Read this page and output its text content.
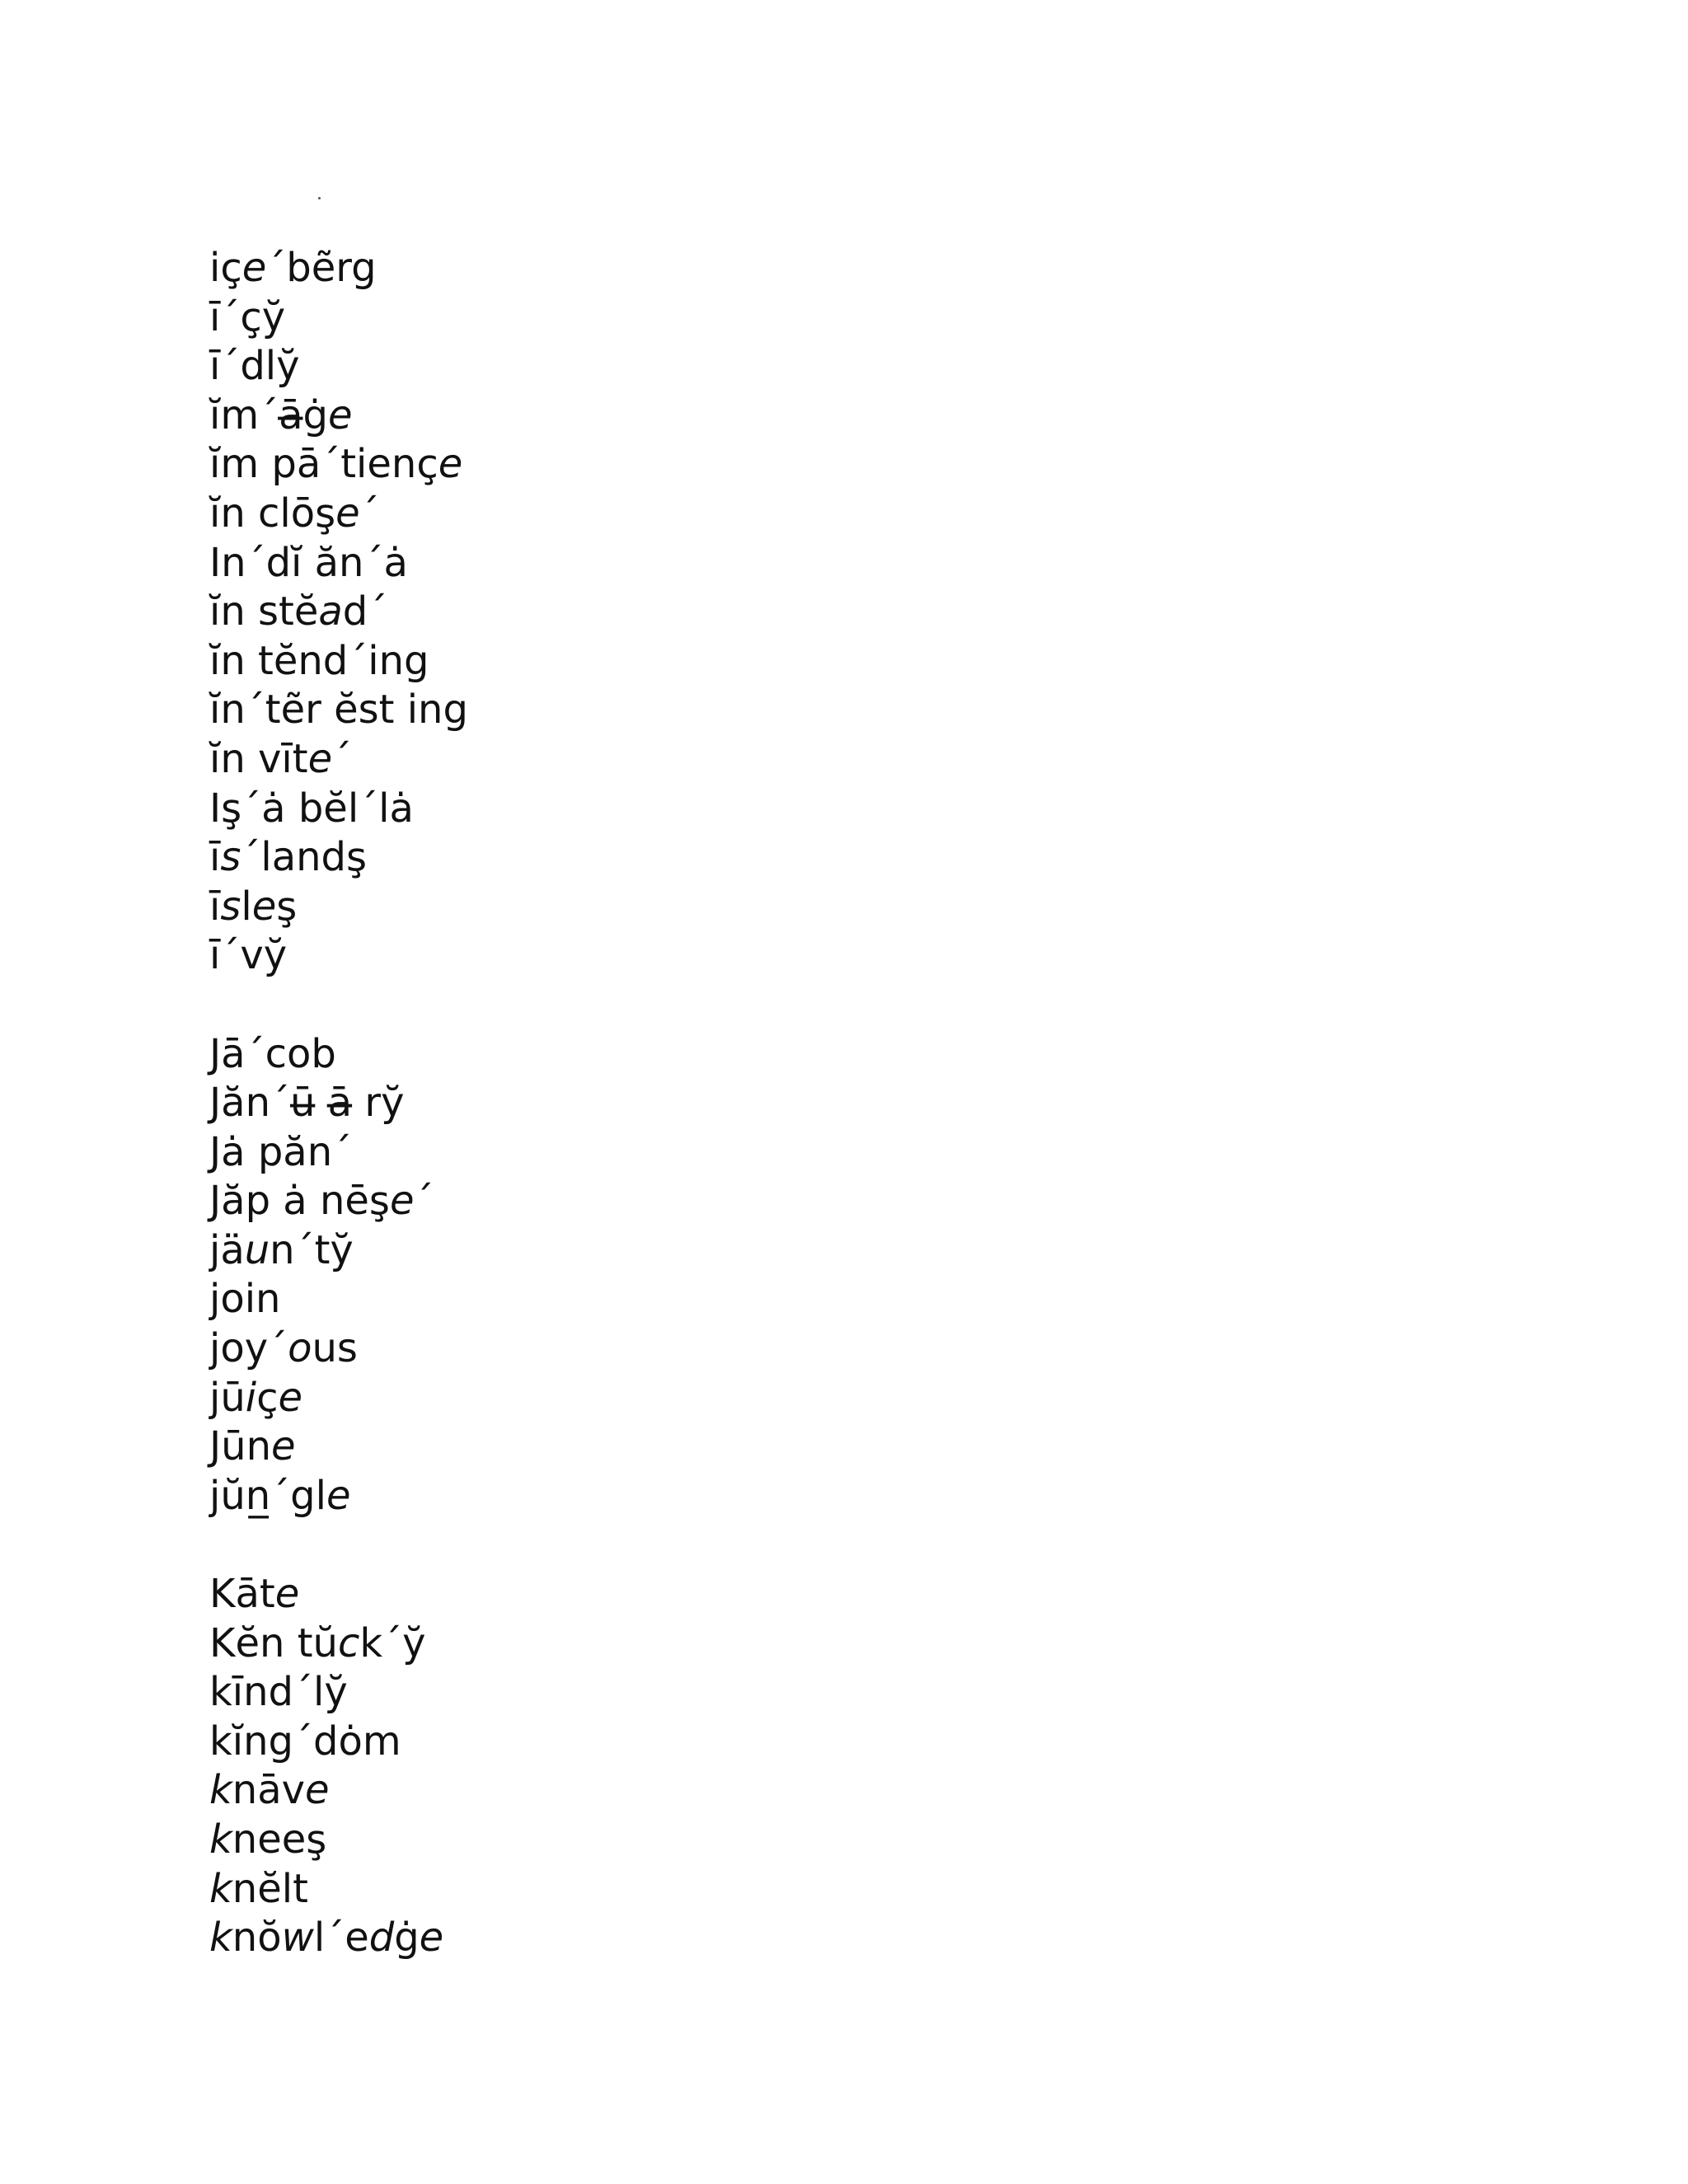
içe´bẽrg
ī´çy̆
ī´dly̆
ĭm´ā̶ġe
ĭm pā´tiençe
ĭn clōşe´
In´dĭ ăn´ȧ
ĭn stĕad´
ĭn tĕnd´ing
ĭn´tẽr ĕst ing
ĭn vīte´
Iş´ȧ bĕl´lȧ
īs´landş
īsleş
ī´vy̆
Jā´cob
Jăn´ū̶ ā̶ ry̆
Jȧ păn´
Jăp ȧ nēşe´
jäun´ty̆
join
joy´ous
jūiçe
Jūne
jŭn̲´gle
Kāte
Kĕn tŭck´y̆
kīnd´ly̆
kĭng´dȯm
knāve
kneeş
knĕlt
knŏwl´edġe
